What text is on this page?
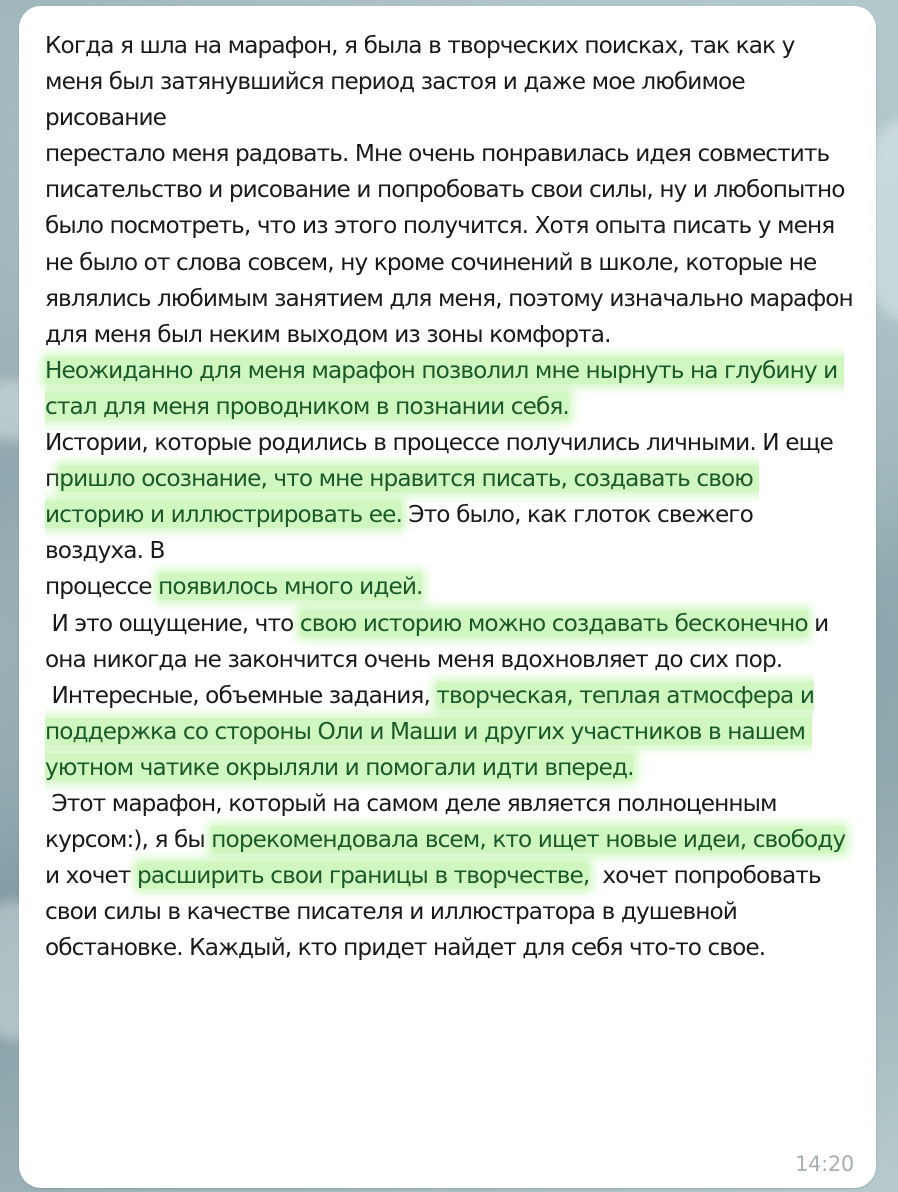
Когда я шла на марафон, я была в творческих поисках, так как у меня был затянувшийся период застоя и даже мое любимое рисование
перестало меня радовать. Мне очень понравилась идея совместить писательство и рисование и попробовать свои силы, ну и любопытно
было посмотреть, что из этого получится. Хотя опыта писать у меня не было от слова совсем, ну кроме сочинений в школе, которые не
являлись любимым занятием для меня, поэтому изначально марафон для меня был неким выходом из зоны комфорта.
Неожиданно для меня марафон позволил мне нырнуть на глубину и стал для меня проводником в познании себя.
Истории, которые родились в процессе получились личными. И еще пришло осознание, что мне нравится писать, создавать свою историю и иллюстрировать ее. Это было, как глоток свежего воздуха. В
процессе появилось много идей.
И это ощущение, что свою историю можно создавать бесконечно и она никогда не закончится очень меня вдохновляет до сих пор.
Интересные, объемные задания, творческая, теплая атмосфера и
поддержка со стороны Оли и Маши и других участников в нашем уютном чатике окрыляли и помогали идти вперед.
Этот марафон, который на самом деле является полноценным курсом:), я бы порекомендовала всем, кто ищет новые идеи, свободу
и хочет расширить свои границы в творчестве,  хочет попробовать свои силы в качестве писателя и иллюстратора в душевной обстановке. Каждый, кто придет найдет для себя что-то свое.

14:20
